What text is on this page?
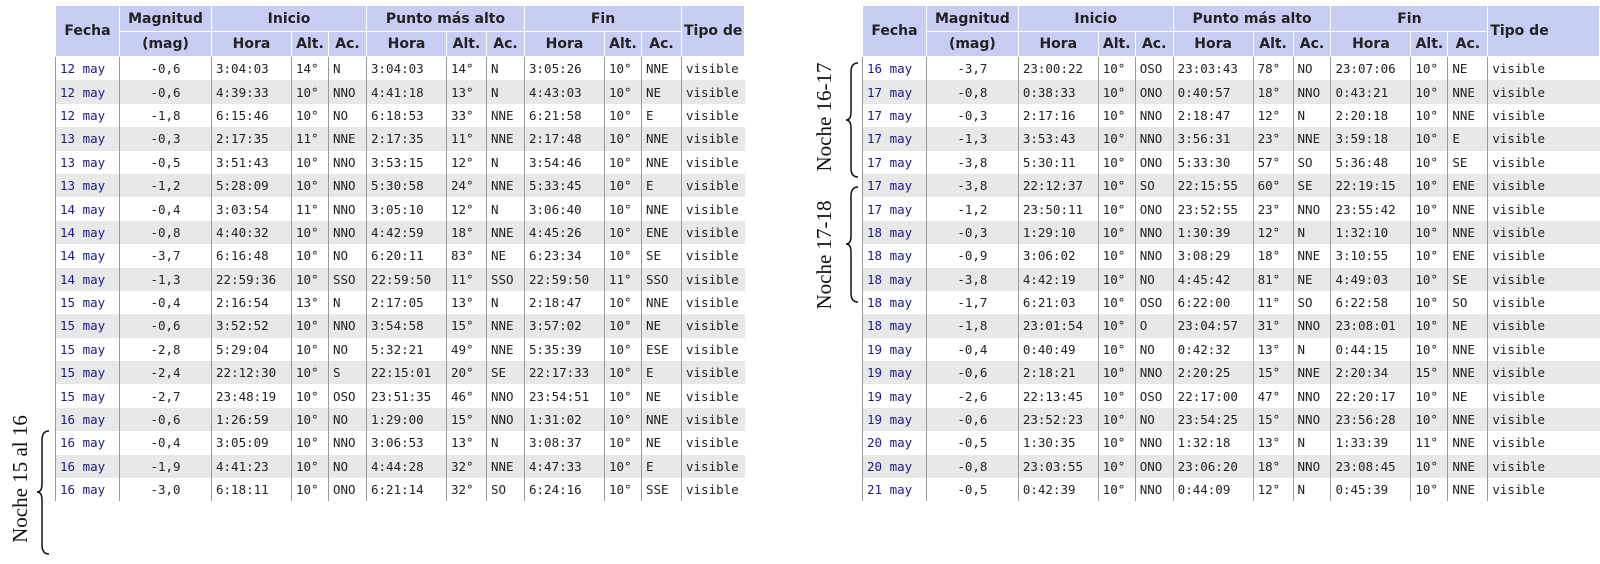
Fecha	Magnitud	Inicio			Punto más alto			Fin			Tipo de
	(mag)	Hora	Alt.	Ac.	Hora	Alt.	Ac.	Hora	Alt.	Ac.	
12 may	-0,6	3:04:03	14°	N	3:04:03	14°	N	3:05:26	10°	NNE	visible
12 may	-0,6	4:39:33	10°	NNO	4:41:18	13°	N	4:43:03	10°	NE	visible
12 may	-1,8	6:15:46	10°	NO	6:18:53	33°	NNE	6:21:58	10°	E	visible
13 may	-0,3	2:17:35	11°	NNE	2:17:35	11°	NNE	2:17:48	10°	NNE	visible
13 may	-0,5	3:51:43	10°	NNO	3:53:15	12°	N	3:54:46	10°	NNE	visible
13 may	-1,2	5:28:09	10°	NNO	5:30:58	24°	NNE	5:33:45	10°	E	visible
14 may	-0,4	3:03:54	11°	NNO	3:05:10	12°	N	3:06:40	10°	NNE	visible
14 may	-0,8	4:40:32	10°	NNO	4:42:59	18°	NNE	4:45:26	10°	ENE	visible
14 may	-3,7	6:16:48	10°	NO	6:20:11	83°	NE	6:23:34	10°	SE	visible
14 may	-1,3	22:59:36	10°	SSO	22:59:50	11°	SSO	22:59:50	11°	SSO	visible
15 may	-0,4	2:16:54	13°	N	2:17:05	13°	N	2:18:47	10°	NNE	visible
15 may	-0,6	3:52:52	10°	NNO	3:54:58	15°	NNE	3:57:02	10°	NE	visible
15 may	-2,8	5:29:04	10°	NO	5:32:21	49°	NNE	5:35:39	10°	ESE	visible
15 may	-2,4	22:12:30	10°	S	22:15:01	20°	SE	22:17:33	10°	E	visible
15 may	-2,7	23:48:19	10°	OSO	23:51:35	46°	NNO	23:54:51	10°	NE	visible
16 may	-0,6	1:26:59	10°	NO	1:29:00	15°	NNO	1:31:02	10°	NNE	visible
16 may	-0,4	3:05:09	10°	NNO	3:06:53	13°	N	3:08:37	10°	NE	visible
16 may	-1,9	4:41:23	10°	NO	4:44:28	32°	NNE	4:47:33	10°	E	visible
16 may	-3,0	6:18:11	10°	ONO	6:21:14	32°	SO	6:24:16	10°	SSE	visible
Fecha	Magnitud	Inicio			Punto más alto			Fin			Tipo de
	(mag)	Hora	Alt.	Ac.	Hora	Alt.	Ac.	Hora	Alt.	Ac.	
16 may	-3,7	23:00:22	10°	OSO	23:03:43	78°	NO	23:07:06	10°	NE	visible
17 may	-0,8	0:38:33	10°	ONO	0:40:57	18°	NNO	0:43:21	10°	NNE	visible
17 may	-0,3	2:17:16	10°	NNO	2:18:47	12°	N	2:20:18	10°	NNE	visible
17 may	-1,3	3:53:43	10°	NNO	3:56:31	23°	NNE	3:59:18	10°	E	visible
17 may	-3,8	5:30:11	10°	ONO	5:33:30	57°	SO	5:36:48	10°	SE	visible
17 may	-3,8	22:12:37	10°	SO	22:15:55	60°	SE	22:19:15	10°	ENE	visible
17 may	-1,2	23:50:11	10°	ONO	23:52:55	23°	NNO	23:55:42	10°	NNE	visible
18 may	-0,3	1:29:10	10°	NNO	1:30:39	12°	N	1:32:10	10°	NNE	visible
18 may	-0,9	3:06:02	10°	NNO	3:08:29	18°	NNE	3:10:55	10°	ENE	visible
18 may	-3,8	4:42:19	10°	NO	4:45:42	81°	NE	4:49:03	10°	SE	visible
18 may	-1,7	6:21:03	10°	OSO	6:22:00	11°	SO	6:22:58	10°	SO	visible
18 may	-1,8	23:01:54	10°	O	23:04:57	31°	NNO	23:08:01	10°	NE	visible
19 may	-0,4	0:40:49	10°	NO	0:42:32	13°	N	0:44:15	10°	NNE	visible
19 may	-0,6	2:18:21	10°	NNO	2:20:25	15°	NNE	2:20:34	15°	NNE	visible
19 may	-2,6	22:13:45	10°	OSO	22:17:00	47°	NNO	22:20:17	10°	NE	visible
19 may	-0,6	23:52:23	10°	NO	23:54:25	15°	NNO	23:56:28	10°	NNE	visible
20 may	-0,5	1:30:35	10°	NNO	1:32:18	13°	N	1:33:39	11°	NNE	visible
20 may	-0,8	23:03:55	10°	ONO	23:06:20	18°	NNO	23:08:45	10°	NNE	visible
21 may	-0,5	0:42:39	10°	NNO	0:44:09	12°	N	0:45:39	10°	NNE	visible
Noche 15 al 16
Noche 16-17
Noche 17-18
